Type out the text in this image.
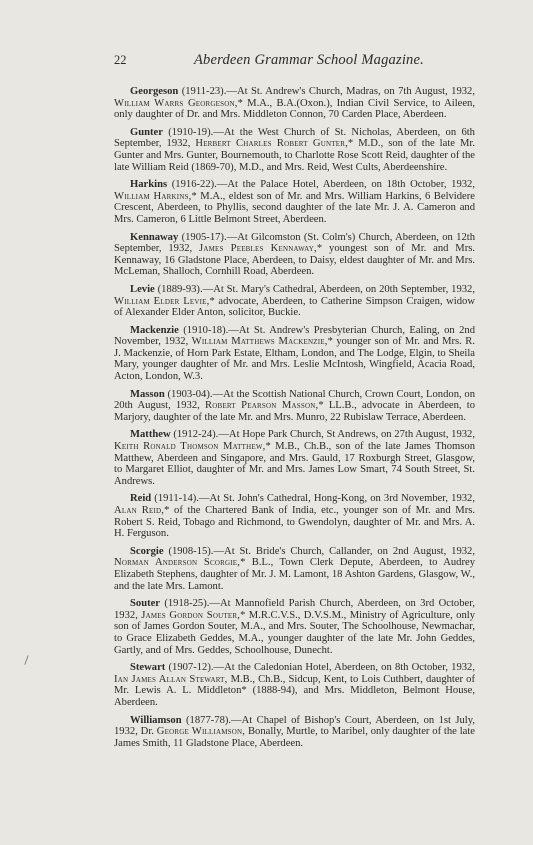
22	Aberdeen Grammar School Magazine.

Georgeson (1911-23).—At St. Andrew's Church, Madras, on 7th August, 1932, William Warrs Georgeson,* M.A., B.A.(Oxon.), Indian Civil Service, to Aileen, only daughter of Dr. and Mrs. Middleton Connon, 70 Carden Place, Aberdeen.

Gunter (1910-19).—At the West Church of St. Nicholas, Aberdeen, on 6th September, 1932, Herbert Charles Robert Gunter,* M.D., son of the late Mr. Gunter and Mrs. Gunter, Bournemouth, to Charlotte Rose Scott Reid, daughter of the late William Reid (1869-70), M.D., and Mrs. Reid, West Cults, Aberdeenshire.

Harkins (1916-22).—At the Palace Hotel, Aberdeen, on 18th October, 1932, William Harkins,* M.A., eldest son of Mr. and Mrs. William Harkins, 6 Belvidere Crescent, Aberdeen, to Phyllis, second daughter of the late Mr. J. A. Cameron and Mrs. Cameron, 6 Little Belmont Street, Aberdeen.

Kennaway (1905-17).—At Gilcomston (St. Colm's) Church, Aberdeen, on 12th September, 1932, James Peebles Kennaway,* youngest son of Mr. and Mrs. Kennaway, 16 Gladstone Place, Aberdeen, to Daisy, eldest daughter of Mr. and Mrs. McLeman, Shalloch, Cornhill Road, Aberdeen.

Levie (1889-93).—At St. Mary's Cathedral, Aberdeen, on 20th September, 1932, William Elder Levie,* advocate, Aberdeen, to Catherine Simpson Craigen, widow of Alexander Elder Anton, solicitor, Buckie.

Mackenzie (1910-18).—At St. Andrew's Presbyterian Church, Ealing, on 2nd November, 1932, William Matthews Mackenzie,* younger son of Mr. and Mrs. R. J. Mackenzie, of Horn Park Estate, Eltham, London, and The Lodge, Elgin, to Sheila Mary, younger daughter of Mr. and Mrs. Leslie McIntosh, Wingfield, Acacia Road, Acton, London, W.3.

Masson (1903-04).—At the Scottish National Church, Crown Court, London, on 20th August, 1932, Robert Pearson Masson,* LL.B., advocate in Aberdeen, to Marjory, daughter of the late Mr. and Mrs. Munro, 22 Rubislaw Terrace, Aberdeen.

Matthew (1912-24).—At Hope Park Church, St Andrews, on 27th August, 1932, Keith Ronald Thomson Matthew,* M.B., Ch.B., son of the late James Thomson Matthew, Aberdeen and Singapore, and Mrs. Gauld, 17 Roxburgh Street, Glasgow, to Margaret Elliot, daughter of Mr. and Mrs. James Low Smart, 74 South Street, St. Andrews.

Reid (1911-14).—At St. John's Cathedral, Hong-Kong, on 3rd November, 1932, Alan Reid,* of the Chartered Bank of India, etc., younger son of Mr. and Mrs. Robert S. Reid, Tobago and Richmond, to Gwendolyn, daughter of Mr. and Mrs. A. H. Ferguson.

Scorgie (1908-15).—At St. Bride's Church, Callander, on 2nd August, 1932, Norman Anderson Scorgie,* B.L., Town Clerk Depute, Aberdeen, to Audrey Elizabeth Stephens, daughter of Mr. J. M. Lamont, 18 Ashton Gardens, Glasgow, W., and the late Mrs. Lamont.

Souter (1918-25).—At Mannofield Parish Church, Aberdeen, on 3rd October, 1932, James Gordon Souter,* M.R.C.V.S., D.V.S.M., Ministry of Agriculture, only son of James Gordon Souter, M.A., and Mrs. Souter, The Schoolhouse, Newmachar, to Grace Elizabeth Geddes, M.A., younger daughter of the late Mr. John Geddes, Gartly, and of Mrs. Geddes, Schoolhouse, Dunecht.

Stewart (1907-12).—At the Caledonian Hotel, Aberdeen, on 8th October, 1932, Ian James Allan Stewart, M.B., Ch.B., Sidcup, Kent, to Lois Cuthbert, daughter of Mr. Lewis A. L. Middleton* (1888-94), and Mrs. Middleton, Belmont House, Aberdeen.

Williamson (1877-78).—At Chapel of Bishop's Court, Aberdeen, on 1st July, 1932, Dr. George Williamson, Bonally, Murtle, to Maribel, only daughter of the late James Smith, 11 Gladstone Place, Aberdeen.
